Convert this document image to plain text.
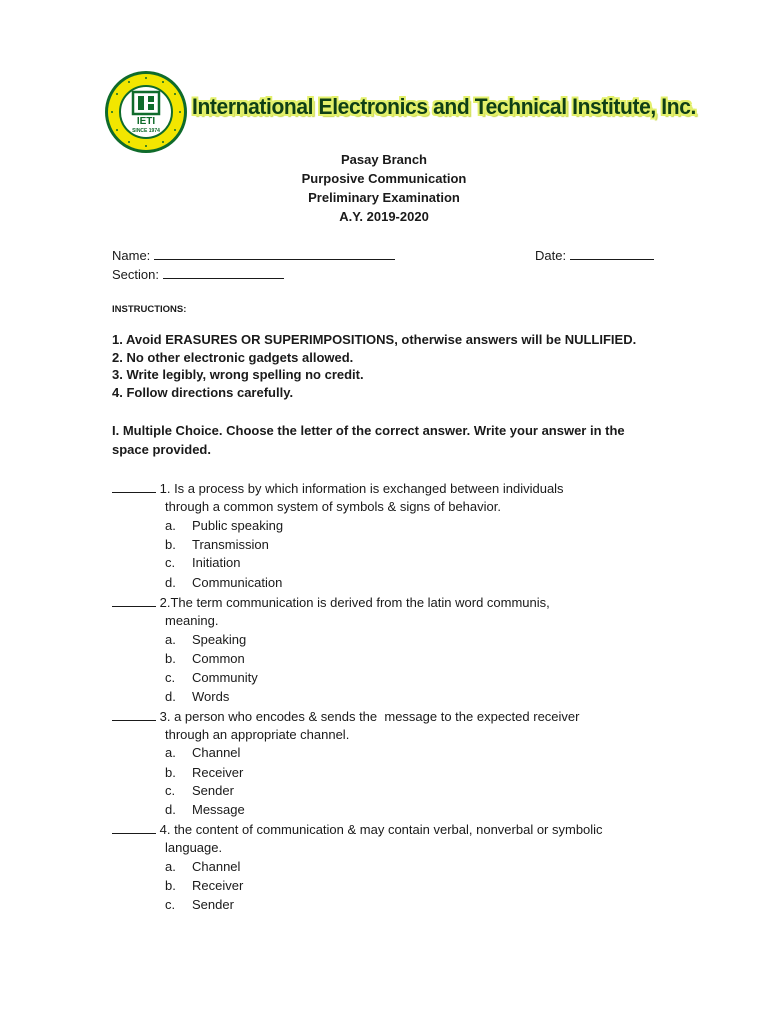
IETI
SINCE 1974
International Electronics and Technical Institute, Inc.
Pasay Branch
Purposive Communication
Preliminary Examination
A.Y. 2019-2020
Name:	Date:
Section:
INSTRUCTIONS:
1. Avoid ERASURES OR SUPERIMPOSITIONS, otherwise answers will be NULLIFIED.
2. No other electronic gadgets allowed.
3. Write legibly, wrong spelling no credit.
4. Follow directions carefully.
I. Multiple Choice. Choose the letter of the correct answer. Write your answer in the
space provided.
1. Is a process by which information is exchanged between individuals
through a common system of symbols & signs of behavior.
a. Public speaking
b. Transmission
c. Initiation
d. Communication
2.The term communication is derived from the latin word communis,
meaning.
a. Speaking
b. Common
c. Community
d. Words
3. a person who encodes & sends the  message to the expected receiver
through an appropriate channel.
a. Channel
b. Receiver
c. Sender
d. Message
4. the content of communication & may contain verbal, nonverbal or symbolic
language.
a. Channel
b. Receiver
c. Sender
